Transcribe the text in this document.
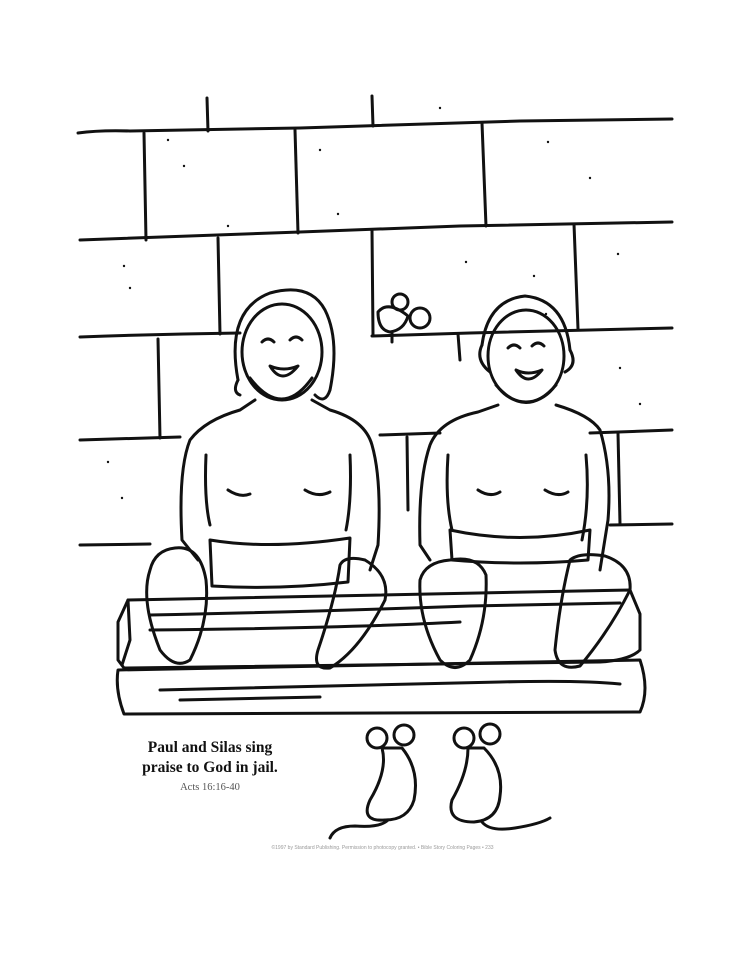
Paul and Silas sing
praise to God in jail.
Acts 16:16-40
©1997 by Standard Publishing. Permission to photocopy granted. • Bible Story Coloring Pages • 233
